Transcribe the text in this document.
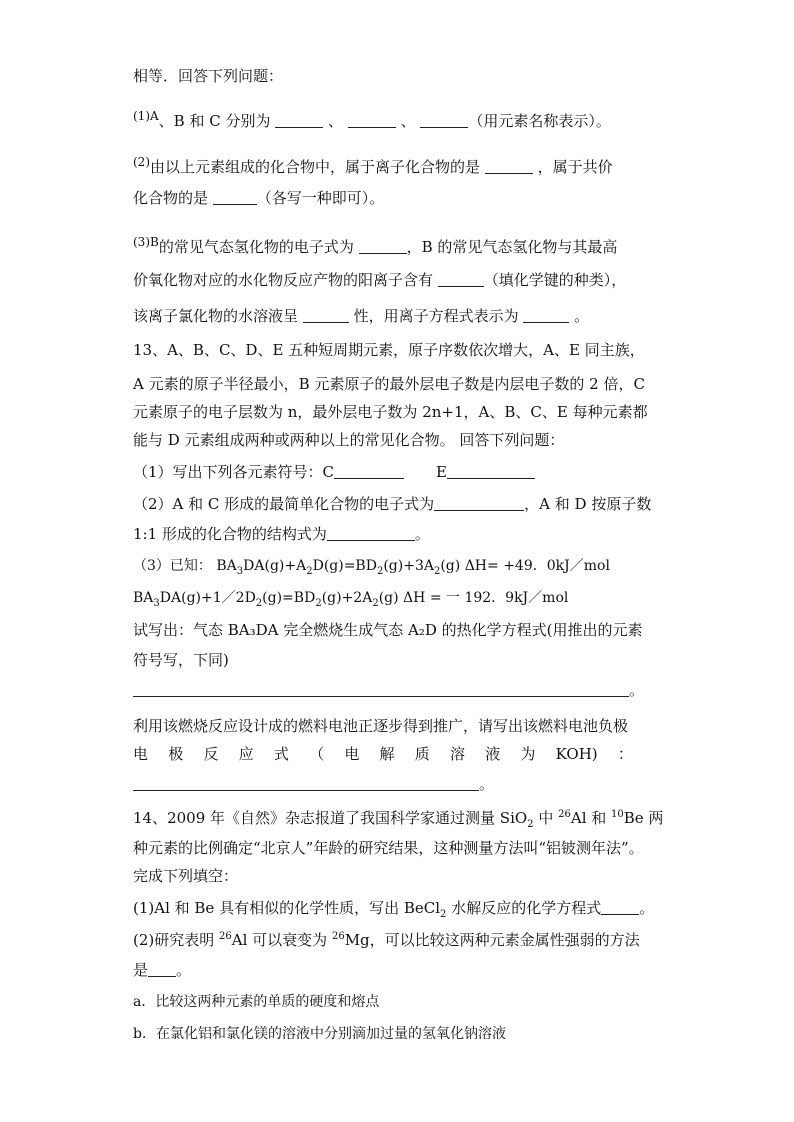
相等．回答下列问题：
$^{(1)A}$、B 和 C 分别为	、	、	（用元素名称表示）。
$^{(2)}$由以上元素组成的化合物中，属于离子化合物的是	，属于共价
化合物的是	（各写一种即可）。
$^{(3)B}$的常见气态氢化物的电子式为	，B 的常见气态氢化物与其最高
价氧化物对应的水化物反应产物的阳离子含有	（填化学键的种类），
该离子氯化物的水溶液呈	性，用离子方程式表示为	。
13、A、B、C、D、E 五种短周期元素，原子序数依次增大，A、E 同主族，
A 元素的原子半径最小，B 元素原子的最外层电子数是内层电子数的 2 倍，C
元素原子的电子层数为 n，最外层电子数为 2n+1，A、B、C、E 每种元素都
能与 D 元素组成两种或两种以上的常见化合物。 回答下列问题：
（1）写出下列各元素符号：C	E
（2）A 和 C 形成的最简单化合物的电子式为	，A 和 D 按原子数
1:1 形成的化合物的结构式为	。
（3）已知： $BA_3DA(g)+A_2D(g)=BD_2(g)+3A_2(g)$ ΔH= +49．0kJ／mol
$BA_3DA(g)+1/2D_2(g)=BD_2(g)+2A_2(g) \Delta H$ = 一 192．9kJ／mol
试写出：气态 BA₃DA 完全燃烧生成气态 A₂D 的热化学方程式(用推出的元素
符号写，下同)
。
利用该燃烧反应设计成的燃料电池正逐步得到推广，请写出该燃料电池负极
电 极 反 应 式 （ 电 解 质 溶 液 为 KOH) ：
。
14、2009 年《自然》杂志报道了我国科学家通过测量 SiO$_2$ 中 $^{26}$Al 和 $^{10}$Be 两
种元素的比例确定“北京人”年龄的研究结果，这种测量方法叫“铝铍测年法”。
完成下列填空：
(1)Al 和 Be 具有相似的化学性质，写出 BeCl$_2$ 水解反应的化学方程式	。
(2)研究表明 $^{26}$Al 可以衰变为 $^{26}$Mg，可以比较这两种元素金属性强弱的方法
是 。
a．比较这两种元素的单质的硬度和熔点
b．在氯化铝和氯化镁的溶液中分别滴加过量的氢氧化钠溶液
